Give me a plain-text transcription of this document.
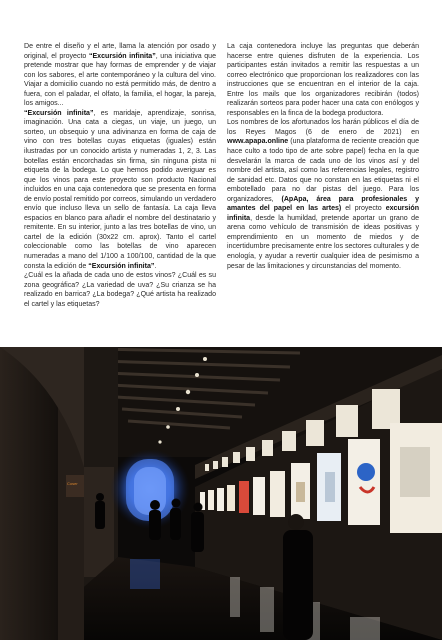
De entre el diseño y el arte, llama la atención por osado y original, el proyecto “Excursión infinita”, una iniciativa que pretende mostrar que hay formas de emprender y de viajar con los sabores, el arte contemporáneo y la cultura del vino. Viajar a domicilio cuando no está permitido más, de dentro a fuera, con el paladar, el olfato, la familia, el hogar, la pareja, los amigos...

“Excursión infinita”, es maridaje, aprendizaje, sonrisa, imaginación. Una cata a ciegas, un viaje, un juego, un sorteo, un obsequio y una adivinanza en forma de caja de vino con tres botellas cuyas etiquetas (iguales) están ilustradas por un conocido artista y numeradas 1, 2, 3. Las botellas están encorchadas sin firma, sin ninguna pista ni etiqueta de la bodega. Lo que hemos podido averiguar es que los vinos para este proyecto son producto Nacional incluidos en una caja contenedora que se presenta en forma de envío postal remitido por correos, simulando un verdadero envío que incluso lleva un sello de fantasía. La caja lleva espacios en blanco para añadir el nombre del destinatario y remitente. En su interior, junto a las tres botellas de vino, un cartel de la edición (30x22 cm. aprox). Tanto el cartel coleccionable como las botellas de vino aparecen numeradas a mano del 1/100 a 100/100, cantidad de la que consta la edición de “Excursión infinita”.

¿Cuál es la añada de cada uno de estos vinos? ¿Cuál es su zona geográfica? ¿La variedad de uva? ¿Su crianza se ha realizado en barrica? ¿La bodega? ¿Qué artista ha realizado el cartel y las etiquetas?

La caja contenedora incluye las preguntas que deberán hacerse entre quienes disfruten de la experiencia. Los participantes están invitados a remitir las respuestas a un correo electrónico que proporcionan los realizadores con las instrucciones que se encuentran en el interior de la caja. Entre los mails que los organizadores recibirán (todos) realizarán sorteos para poder hacer una cata con enólogos y responsables en la finca de la bodega productora.

Los nombres de los afortunados los harán públicos el día de los Reyes Magos (6 de enero de 2021) en www.apapa.online (una plataforma de reciente creación que hace culto a todo tipo de arte sobre papel) fecha en la que desvelarán la marca de cada uno de los vinos así y del nombre del artista, así como las referencias legales, registro de sanidad etc. Datos que no constan en las etiquetas ni el embotellado para no dar pistas del juego. Para los organizadores, (ApApa, área para profesionales y amantes del papel en las artes) el proyecto excursión infinita, desde la humildad, pretende aportar un grano de arena como vehículo de transmisión de ideas positivas y emprendimiento en un momento de miedos y de incertidumbre precisamente entre los sectores culturales y de enología, y ayudar a revertir cualquier idea de pesimismo a pesar de las limitaciones y circunstancias del momento.

Coser
